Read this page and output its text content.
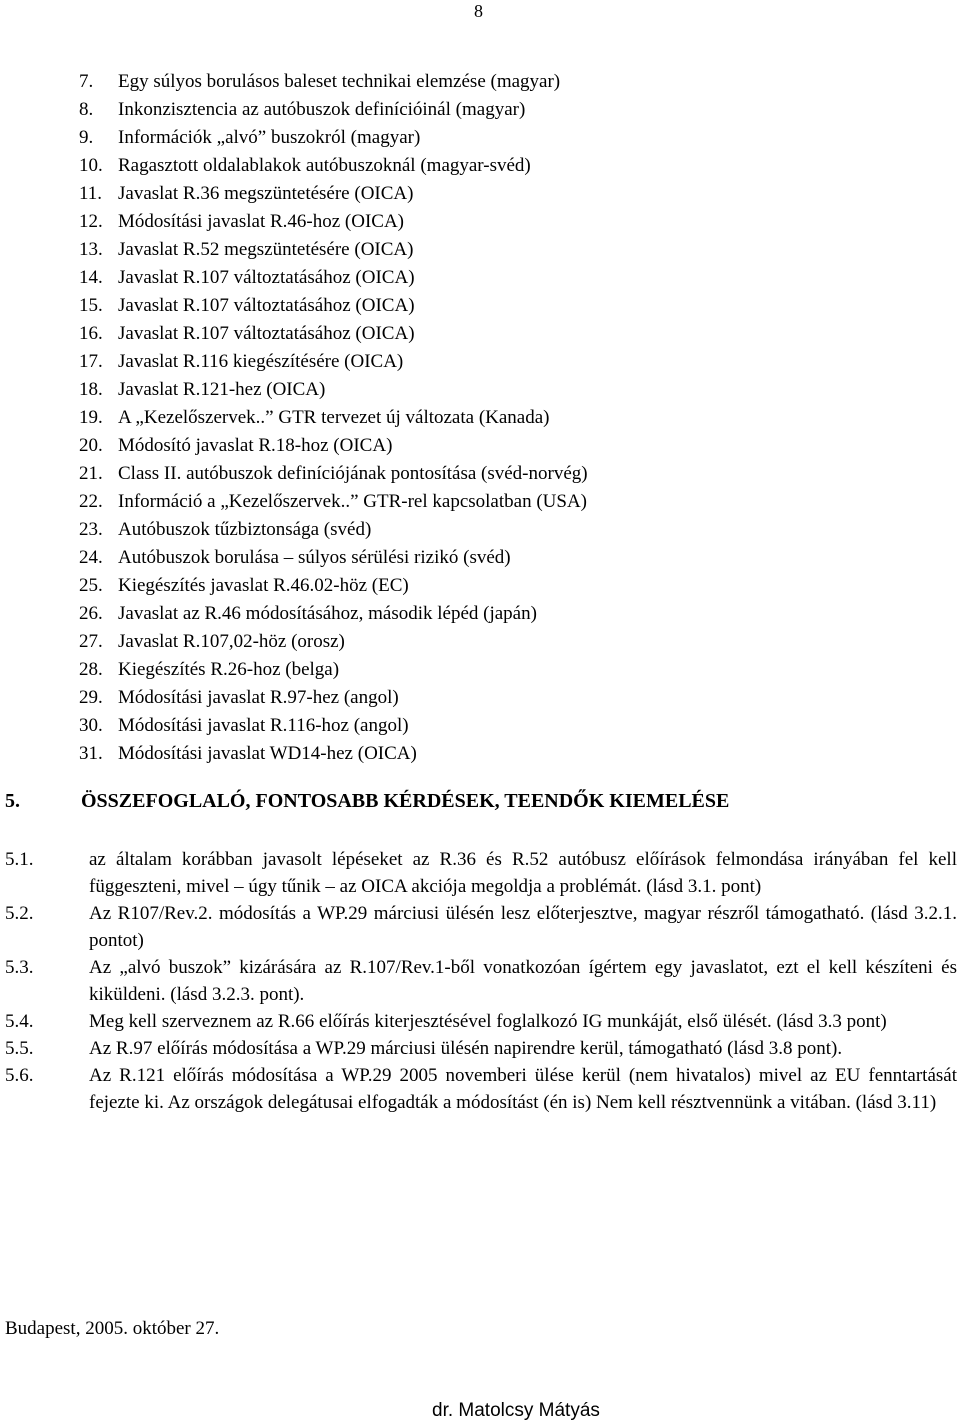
8
7. Egy súlyos borulásos baleset technikai elemzése (magyar)
8. Inkonzisztencia az autóbuszok definícióinál (magyar)
9. Információk „alvó” buszokról (magyar)
10. Ragasztott oldalablakok autóbuszoknál (magyar-svéd)
11. Javaslat R.36 megszüntetésére (OICA)
12. Módosítási javaslat R.46-hoz (OICA)
13. Javaslat R.52 megszüntetésére (OICA)
14. Javaslat R.107 változtatásához (OICA)
15. Javaslat R.107 változtatásához (OICA)
16. Javaslat R.107 változtatásához (OICA)
17. Javaslat R.116 kiegészítésére (OICA)
18. Javaslat R.121-hez (OICA)
19. A „Kezelőszervek..” GTR tervezet új változata (Kanada)
20. Módosító javaslat R.18-hoz (OICA)
21. Class II. autóbuszok definíciójának pontosítása (svéd-norvég)
22. Információ a „Kezelőszervek..” GTR-rel kapcsolatban (USA)
23. Autóbuszok tűzbiztonsága (svéd)
24. Autóbuszok borulása – súlyos sérülési rizikó (svéd)
25. Kiegészítés javaslat R.46.02-höz (EC)
26. Javaslat az R.46 módosításához, második lépéd (japán)
27. Javaslat R.107,02-höz (orosz)
28. Kiegészítés R.26-hoz (belga)
29. Módosítási javaslat R.97-hez (angol)
30. Módosítási javaslat R.116-hoz (angol)
31. Módosítási javaslat WD14-hez (OICA)
5.	ÖSSZEFOGLALÓ, FONTOSABB KÉRDÉSEK, TEENDŐK KIEMELÉSE
5.1.	az általam korábban javasolt lépéseket az R.36 és R.52 autóbusz előírások felmondása irányában fel kell függeszteni, mivel – úgy tűnik – az OICA akciója megoldja a problémát. (lásd 3.1. pont)
5.2.	Az R107/Rev.2. módosítás a WP.29 márciusi ülésén lesz előterjesztve, magyar részről támogatható. (lásd 3.2.1. pontot)
5.3.	Az „alvó buszok” kizárására az R.107/Rev.1-ből vonatkozóan ígértem egy javaslatot, ezt el kell készíteni és kiküldeni. (lásd 3.2.3. pont).
5.4.	Meg kell szerveznem az R.66 előírás kiterjesztésével foglalkozó IG munkáját, első ülését. (lásd 3.3 pont)
5.5.	Az R.97 előírás módosítása a WP.29 márciusi ülésén napirendre kerül, támogatható (lásd 3.8 pont).
5.6.	Az R.121 előírás módosítása a WP.29 2005 novemberi ülése kerül (nem hivatalos) mivel az EU fenntartását fejezte ki. Az országok delegátusai elfogadták a módosítást (én is) Nem kell résztvennünk a vitában. (lásd 3.11)
Budapest, 2005. október 27.
dr. Matolcsy Mátyás
